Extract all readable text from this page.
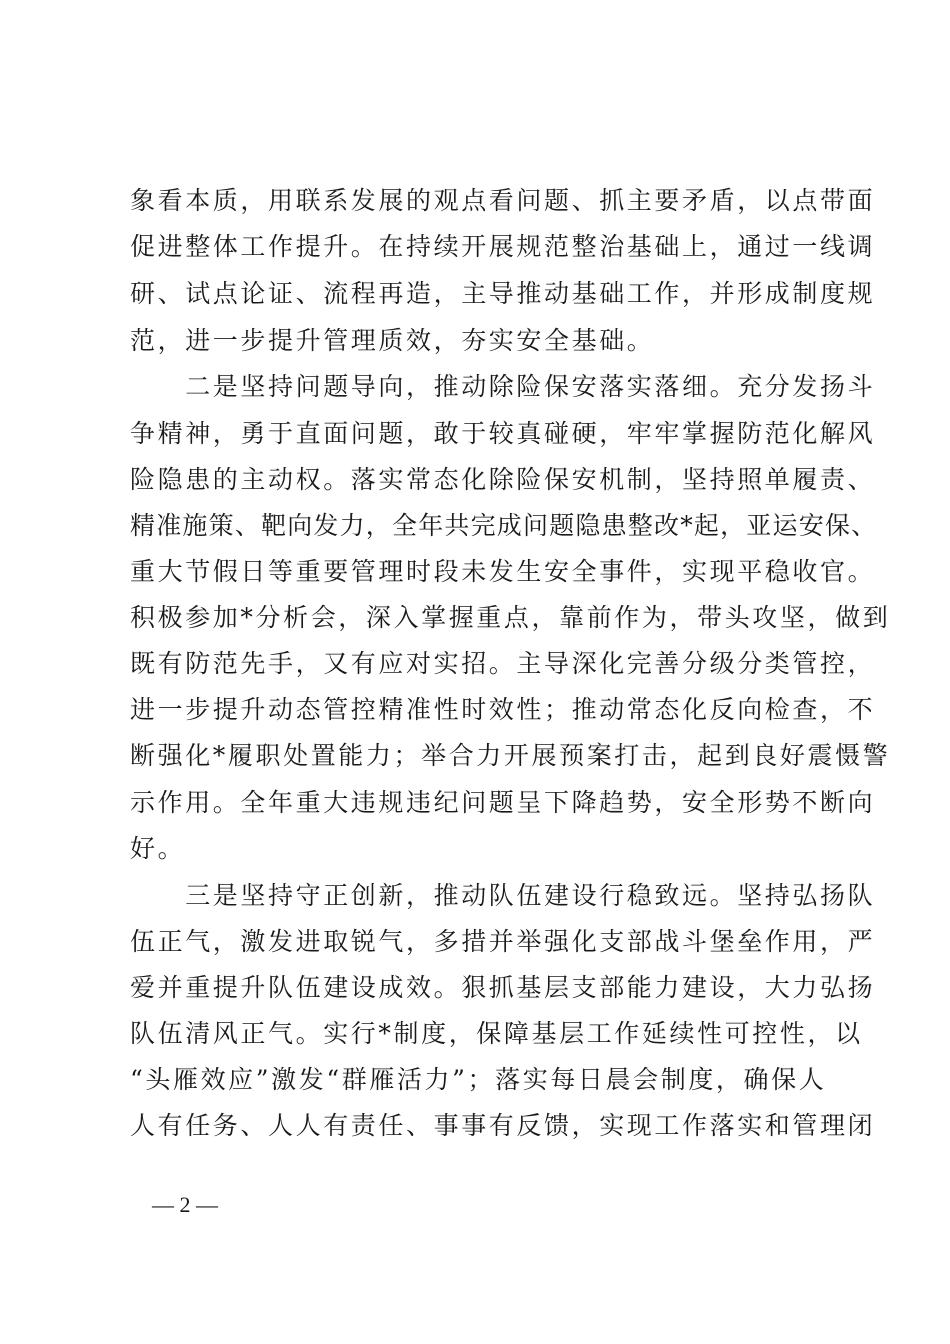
象看本质，用联系发展的观点看问题、抓主要矛盾，以点带面
促进整体工作提升。在持续开展规范整治基础上，通过一线调
研、试点论证、流程再造，主导推动基础工作，并形成制度规
范，进一步提升管理质效，夯实安全基础。
　　二是坚持问题导向，推动除险保安落实落细。充分发扬斗
争精神，勇于直面问题，敢于较真碰硬，牢牢掌握防范化解风
险隐患的主动权。落实常态化除险保安机制，坚持照单履责、
精准施策、靶向发力，全年共完成问题隐患整改*起，亚运安保、
重大节假日等重要管理时段未发生安全事件，实现平稳收官。
积极参加*分析会，深入掌握重点，靠前作为，带头攻坚，做到
既有防范先手，又有应对实招。主导深化完善分级分类管控，
进一步提升动态管控精准性时效性；推动常态化反向检查，不
断强化*履职处置能力；举合力开展预案打击，起到良好震慑警
示作用。全年重大违规违纪问题呈下降趋势，安全形势不断向
好。
　　三是坚持守正创新，推动队伍建设行稳致远。坚持弘扬队
伍正气，激发进取锐气，多措并举强化支部战斗堡垒作用，严
爱并重提升队伍建设成效。狠抓基层支部能力建设，大力弘扬
队伍清风正气。实行*制度，保障基层工作延续性可控性，以
“头雁效应”激发“群雁活力”；落实每日晨会制度，确保人
人有任务、人人有责任、事事有反馈，实现工作落实和管理闭
— 2 —
